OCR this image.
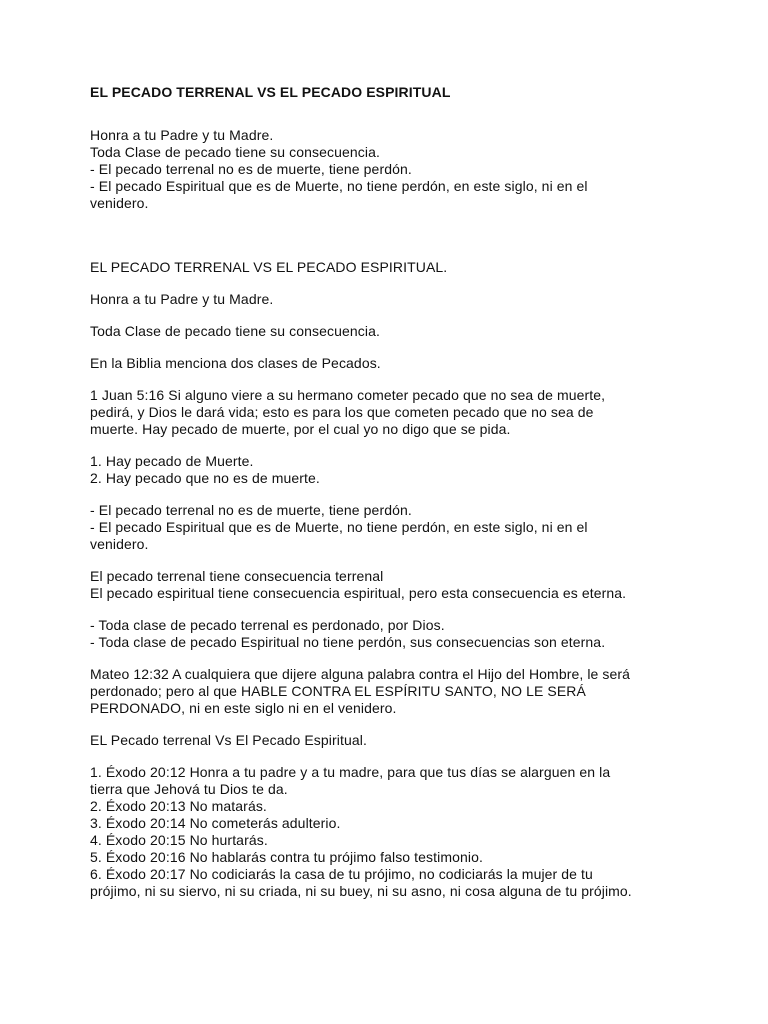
EL PECADO TERRENAL VS EL PECADO ESPIRITUAL
Honra a tu Padre y tu Madre.
Toda Clase de pecado tiene su consecuencia.
- El pecado terrenal no es de muerte, tiene perdón.
- El pecado Espiritual que es de Muerte, no tiene perdón, en este siglo, ni en el
venidero.
EL PECADO TERRENAL VS EL PECADO ESPIRITUAL.
Honra a tu Padre y tu Madre.
Toda Clase de pecado tiene su consecuencia.
En la Biblia menciona dos clases de Pecados.
1 Juan 5:16 Si alguno viere a su hermano cometer pecado que no sea de muerte,
pedirá, y Dios le dará vida; esto es para los que cometen pecado que no sea de
muerte. Hay pecado de muerte, por el cual yo no digo que se pida.
1. Hay pecado de Muerte.
2. Hay pecado que no es de muerte.
- El pecado terrenal no es de muerte, tiene perdón.
- El pecado Espiritual que es de Muerte, no tiene perdón, en este siglo, ni en el
venidero.
El pecado terrenal tiene consecuencia terrenal
El pecado espiritual tiene consecuencia espiritual, pero esta consecuencia es eterna.
- Toda clase de pecado terrenal es perdonado, por Dios.
- Toda clase de pecado Espiritual no tiene perdón, sus consecuencias son eterna.
Mateo 12:32 A cualquiera que dijere alguna palabra contra el Hijo del Hombre, le será
perdonado; pero al que HABLE CONTRA EL ESPÍRITU SANTO, NO LE SERÁ
PERDONADO, ni en este siglo ni en el venidero.
EL Pecado terrenal Vs El Pecado Espiritual.
1. Éxodo 20:12 Honra a tu padre y a tu madre, para que tus días se alarguen en la
tierra que Jehová tu Dios te da.
2. Éxodo 20:13 No matarás.
3. Éxodo 20:14 No cometerás adulterio.
4. Éxodo 20:15 No hurtarás.
5. Éxodo 20:16 No hablarás contra tu prójimo falso testimonio.
6. Éxodo 20:17 No codiciarás la casa de tu prójimo, no codiciarás la mujer de tu
prójimo, ni su siervo, ni su criada, ni su buey, ni su asno, ni cosa alguna de tu prójimo.
